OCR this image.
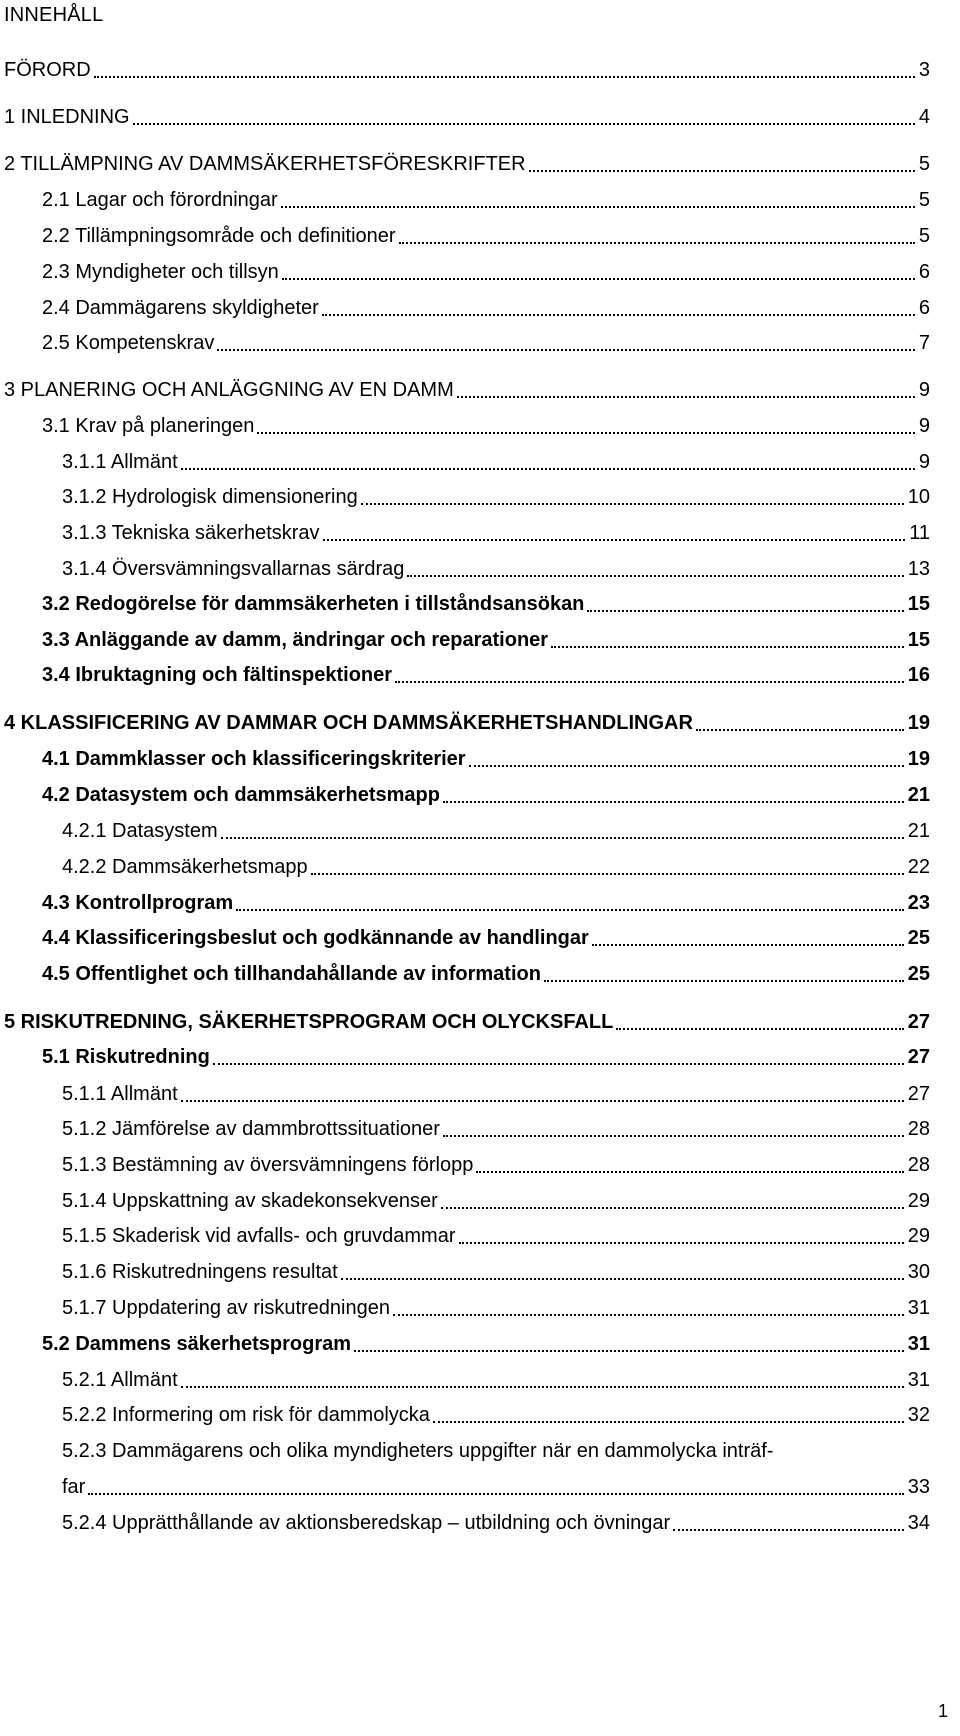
INNEHÅLL
FÖRORD	3
1 INLEDNING	4
2 TILLÄMPNING AV DAMMSÄKERHETSFÖRESKRIFTER	5
2.1 Lagar och förordningar	5
2.2 Tillämpningsområde och definitioner	5
2.3 Myndigheter och tillsyn	6
2.4 Dammägarens skyldigheter	6
2.5 Kompetenskrav	7
3 PLANERING OCH ANLÄGGNING AV EN DAMM	9
3.1 Krav på planeringen	9
3.1.1 Allmänt	9
3.1.2 Hydrologisk dimensionering	10
3.1.3 Tekniska säkerhetskrav	11
3.1.4 Översvämningsvallarnas särdrag	13
3.2 Redogörelse för dammsäkerheten i tillståndsansökan	15
3.3 Anläggande av damm, ändringar och reparationer	15
3.4 Ibruktagning och fältinspektioner	16
4 KLASSIFICERING AV DAMMAR OCH DAMMSÄKERHETSHANDLINGAR	19
4.1 Dammklasser och klassificeringskriterier	19
4.2 Datasystem och dammsäkerhetsmapp	21
4.2.1 Datasystem	21
4.2.2 Dammsäkerhetsmapp	22
4.3 Kontrollprogram	23
4.4 Klassificeringsbeslut och godkännande av handlingar	25
4.5 Offentlighet och tillhandahållande av information	25
5 RISKUTREDNING, SÄKERHETSPROGRAM OCH OLYCKSFALL	27
5.1 Riskutredning	27
5.1.1 Allmänt	27
5.1.2 Jämförelse av dammbrottssituationer	28
5.1.3 Bestämning av översvämningens förlopp	28
5.1.4 Uppskattning av skadekonsekvenser	29
5.1.5 Skaderisk vid avfalls- och gruvdammar	29
5.1.6 Riskutredningens resultat	30
5.1.7 Uppdatering av riskutredningen	31
5.2 Dammens säkerhetsprogram	31
5.2.1 Allmänt	31
5.2.2 Informering om risk för dammolycka	32
5.2.3 Dammägarens och olika myndigheters uppgifter när en dammolycka inträf-
far	33
5.2.4 Upprätthållande av aktionsberedskap – utbildning och övningar	34
1
